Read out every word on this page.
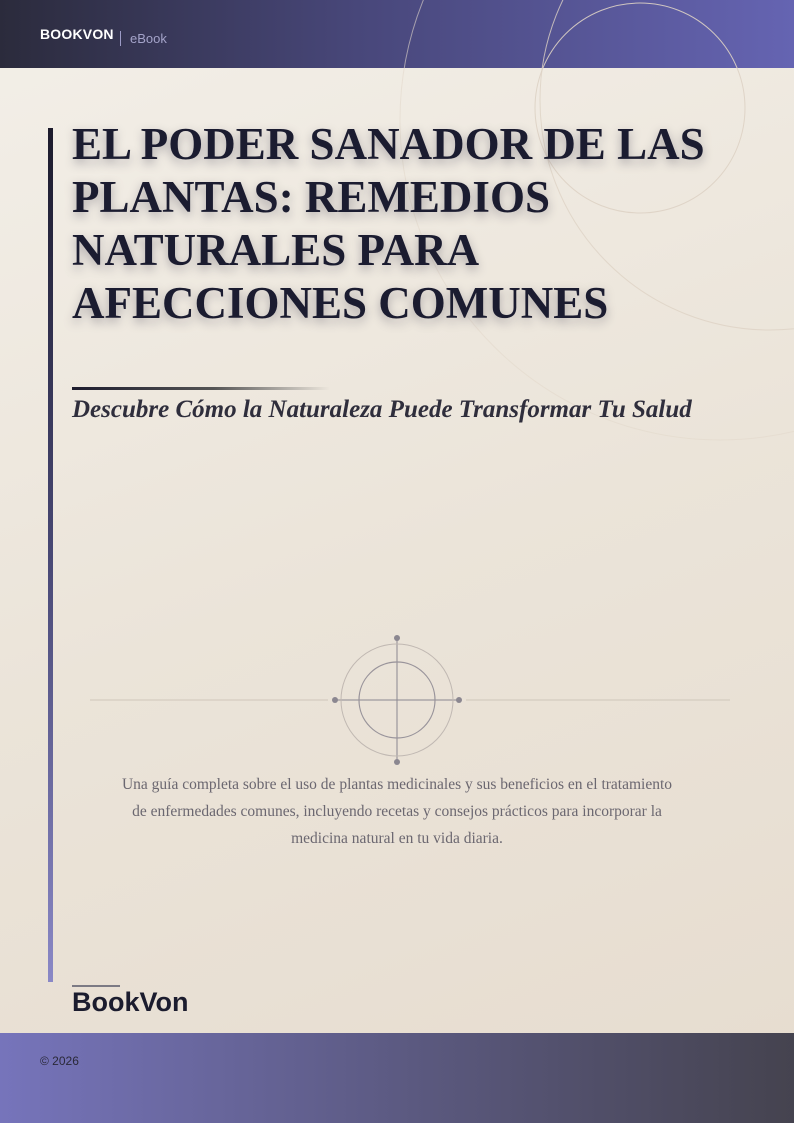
BOOKVON eBook
EL PODER SANADOR DE LAS PLANTAS: REMEDIOS NATURALES PARA AFECCIONES COMUNES
Descubre Cómo la Naturaleza Puede Transformar Tu Salud

Una guía completa sobre el uso de plantas medicinales y sus beneficios en el tratamiento de enfermedades comunes, incluyendo recetas y consejos prácticos para incorporar la medicina natural en tu vida diaria.

BookVon
© 2026
